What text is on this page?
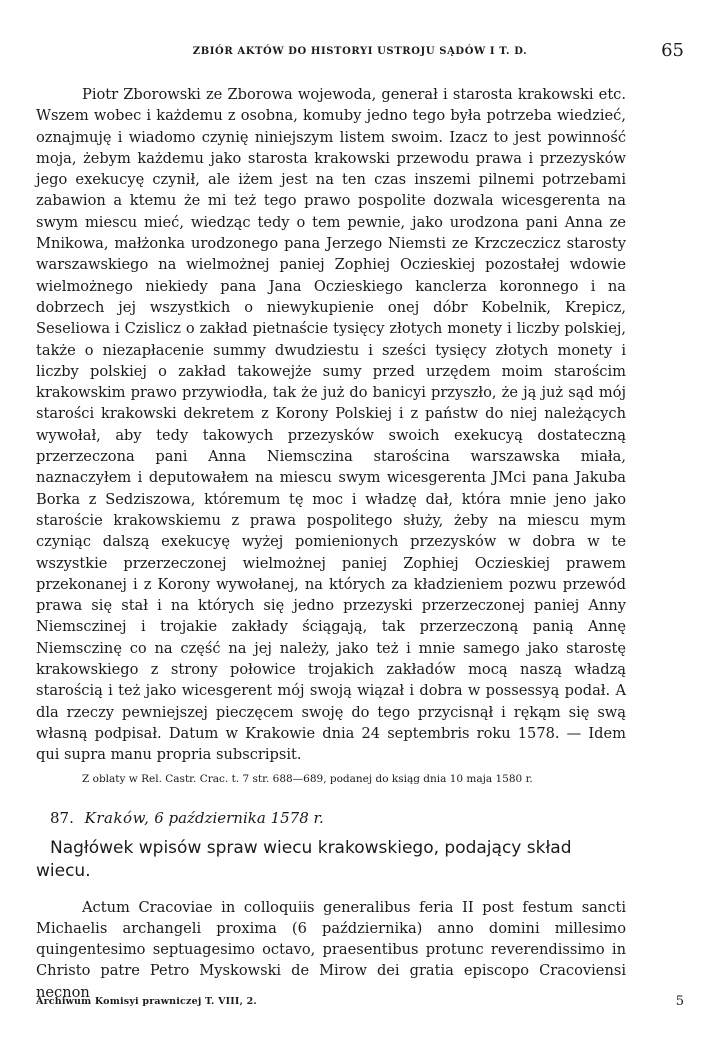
ZBIÓR AKTÓW DO HISTORYI USTROJU SĄDÓW I T. D.	65

Piotr Zborowski ze Zborowa wojewoda, generał i starosta krakowski etc. Wszem wobec i każdemu z osobna, komuby jedno tego była potrzeba wiedzieć, oznajmuję i wiadomo czynię niniejszym listem swoim. Izacz to jest powinność moja, żebym każdemu jako starosta krakowski przewodu prawa i przezysków jego exekucyę czynił, ale iżem jest na ten czas inszemi pilnemi potrzebami zabawion a ktemu że mi też tego prawo pospolite dozwala wicesgerenta na swym miescu mieć, wiedząc tedy o tem pewnie, jako urodzona pani Anna ze Mnikowa, małżonka urodzonego pana Jerzego Niemsti ze Krzczeczicz starosty warszawskiego na wielmożnej paniej Zophiej Oczieskiej pozostałej wdowie wielmożnego niekiedy pana Jana Oczieskiego kanclerza koronnego i na dobrzech jej wszystkich o niewykupienie onej dóbr Kobelnik, Krepicz, Seseliowa i Czislicz o zakład pietnaście tysięcy złotych monety i liczby polskiej, także o niezapłacenie summy dwudziestu i sześci tysięcy złotych monety i liczby polskiej o zakład takowejże sumy przed urzędem moim starościm krakowskim prawo przywiodła, tak że już do banicyi przyszło, że ją już sąd mój starości krakowski dekretem z Korony Polskiej i z państw do niej należących wywołał, aby tedy takowych przezysków swoich exekucyą dostateczną przerzeczona pani Anna Niemsczina starościna warszawska miała, naznaczyłem i deputowałem na miescu swym wicesgerenta JMci pana Jakuba Borka z Sedziszowa, któremum tę moc i władzę dał, która mnie jeno jako staroście krakowskiemu z prawa pospolitego służy, żeby na miescu mym czyniąc dalszą exekucyę wyżej pomienionych przezysków w dobra w te wszystkie przerzeczonej wielmożnej paniej Zophiej Oczieskiej prawem przekonanej i z Korony wywołanej, na których za kładzieniem pozwu przewód prawa się stał i na których się jedno przezyski przerzeczonej paniej Anny Niemsczinej i trojakie zakłady ściągają, tak przerzeczoną panią Annę Niemsczinę co na część na jej należy, jako też i mnie samego jako starostę krakowskiego z strony połowice trojakich zakładów mocą naszą władzą starością i też jako wicesgerent mój swoją wiązał i dobra w possessyą podał. A dla rzeczy pewniejszej pieczęcem swoję do tego przycisnął i rękąm się swą własną podpisał. Datum w Krakowie dnia 24 septembris roku 1578. — Idem qui supra manu propria subscripsit.

Z oblaty w Rel. Castr. Crac. t. 7 str. 688—689, podanej do ksiąg dnia 10 maja 1580 r.

87. Kraków, 6 października 1578 r.

Nagłówek wpisów spraw wiecu krakowskiego, podający skład wiecu.

Actum Cracoviae in colloquiis generalibus feria II post festum sancti Michaelis archangeli proxima (6 października) anno domini millesimo quingentesimo septuagesimo octavo, praesentibus protunc reverendissimo in Christo patre Petro Myskowski de Mirow dei gratia episcopo Cracoviensi necnon

Archiwum Komisyi prawniczej T. VIII, 2.	5
